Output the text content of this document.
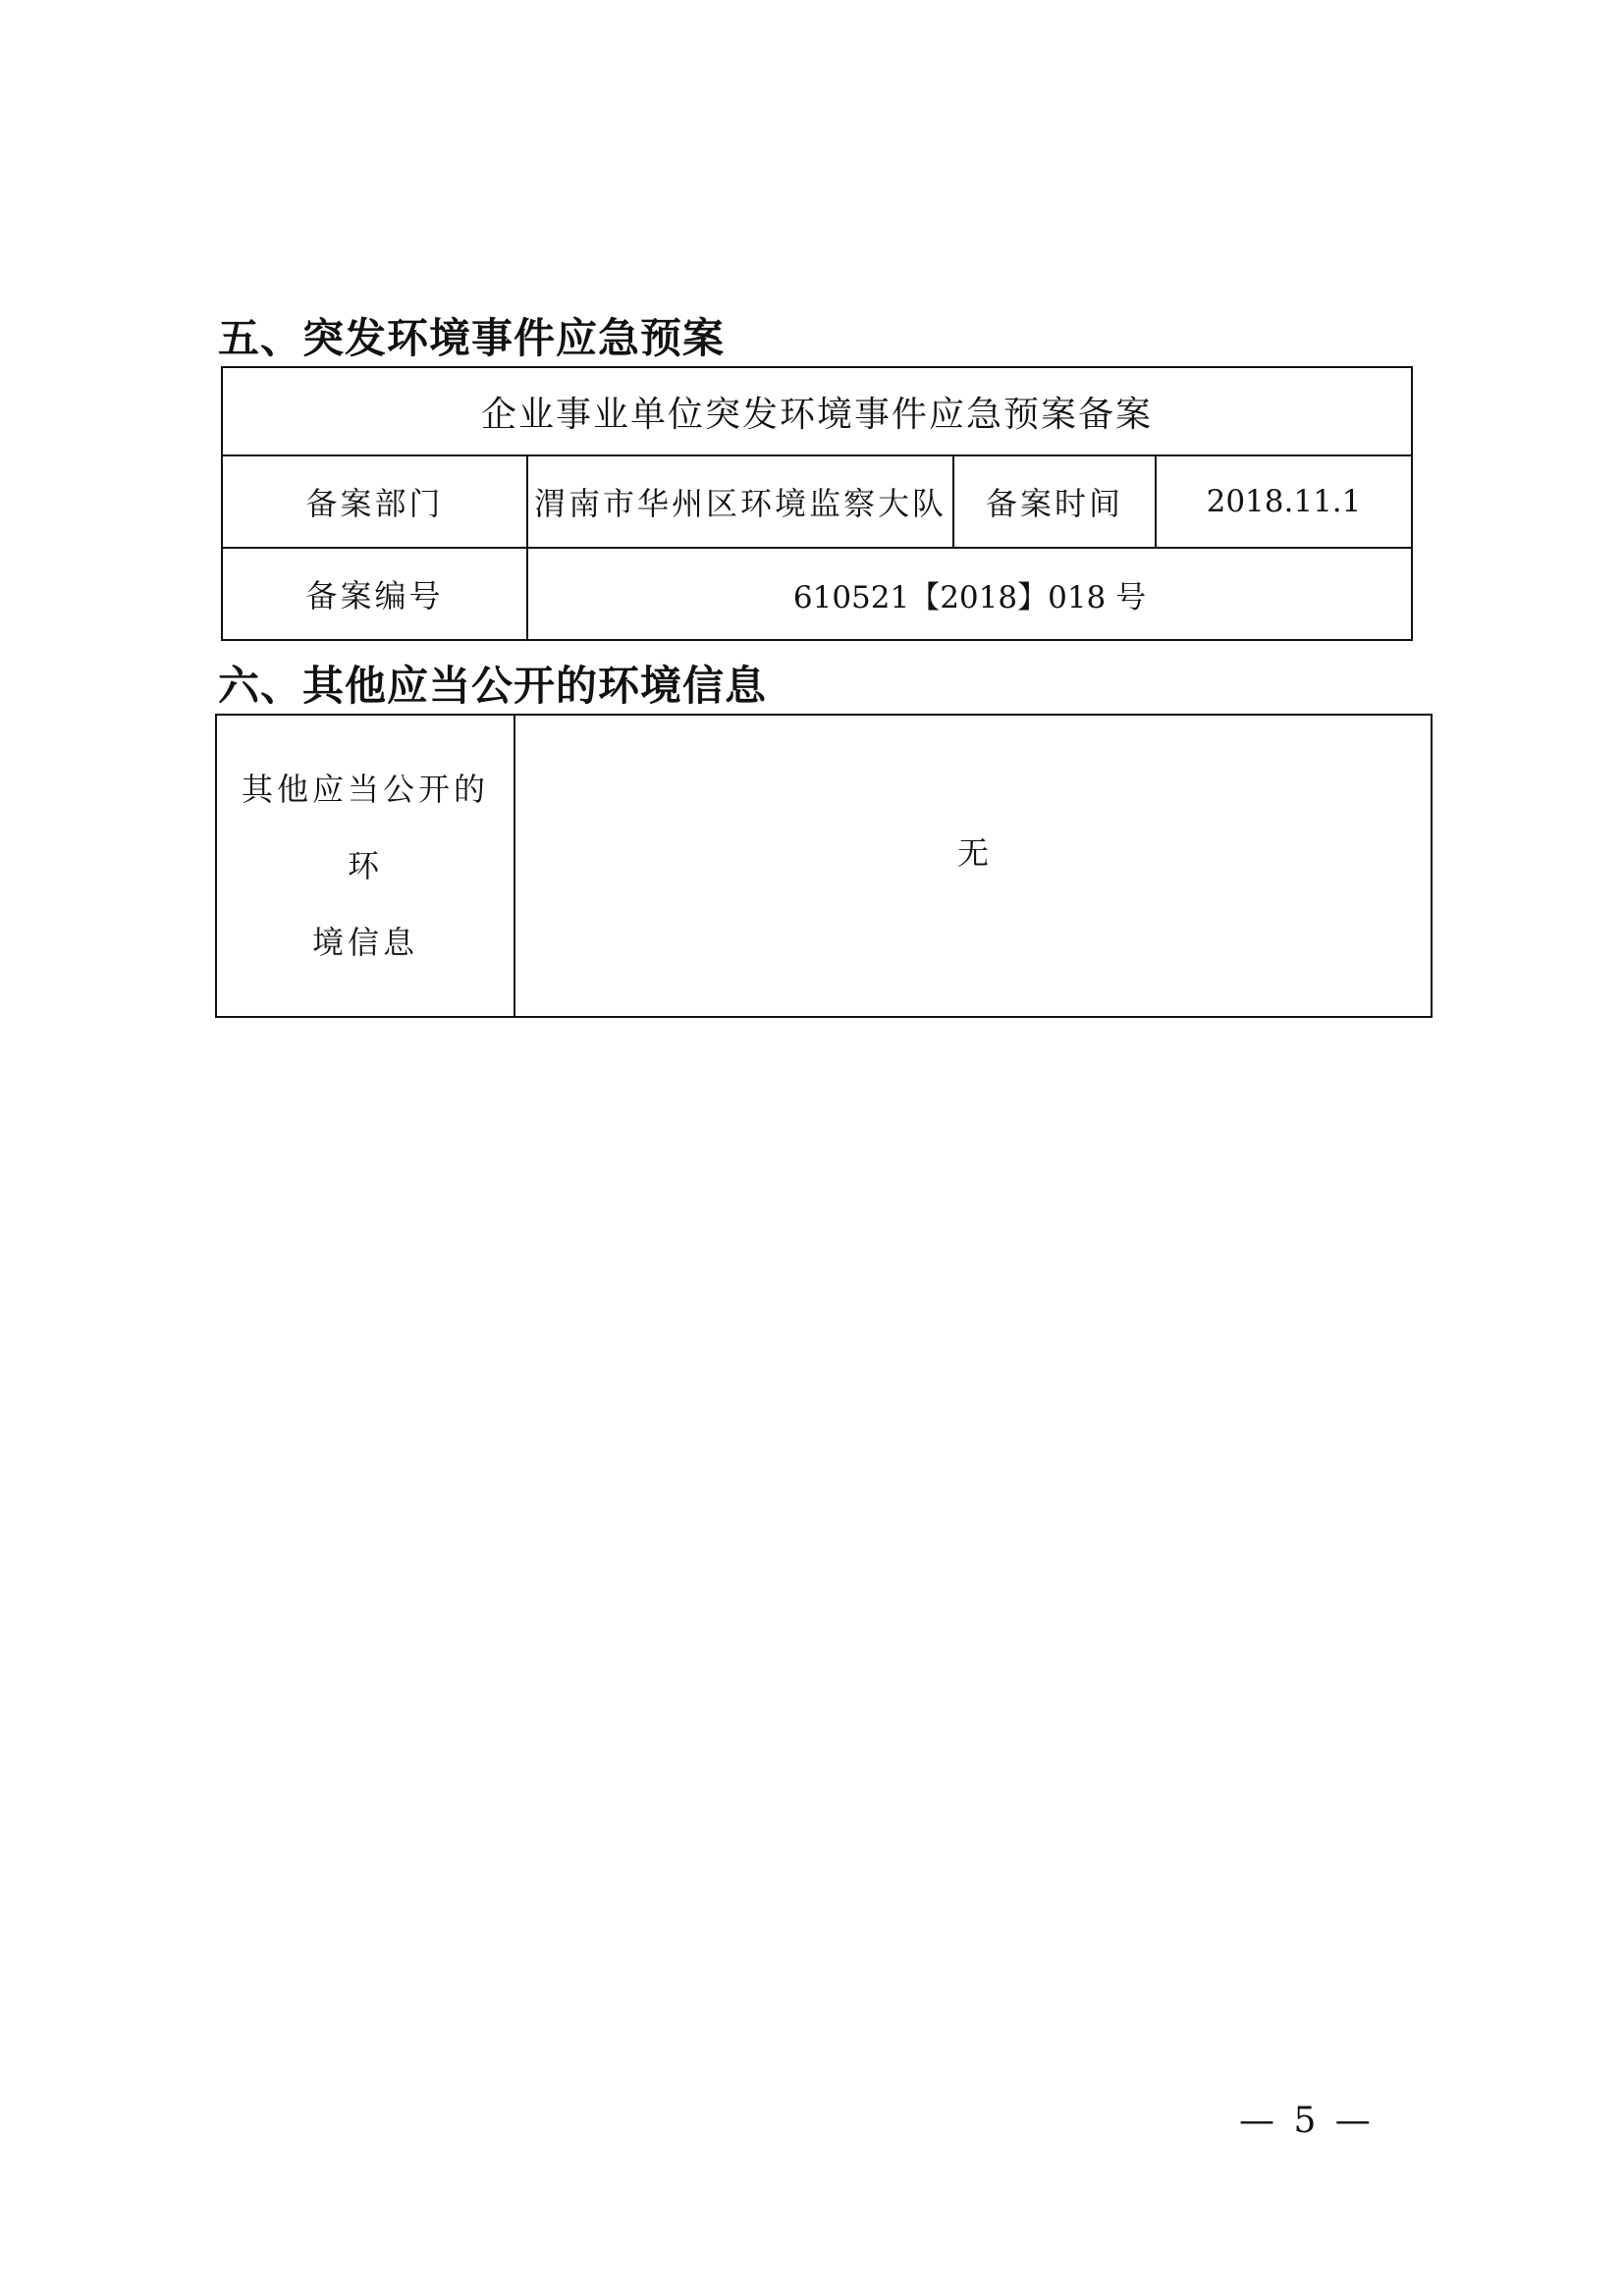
五、突发环境事件应急预案
企业事业单位突发环境事件应急预案备案			
备案部门	渭南市华州区环境监察大队	备案时间	2018.11.1
备案编号	610521【2018】018 号		
六、其他应当公开的环境信息
其他应当公开的环
境信息
	无
— 5 —
